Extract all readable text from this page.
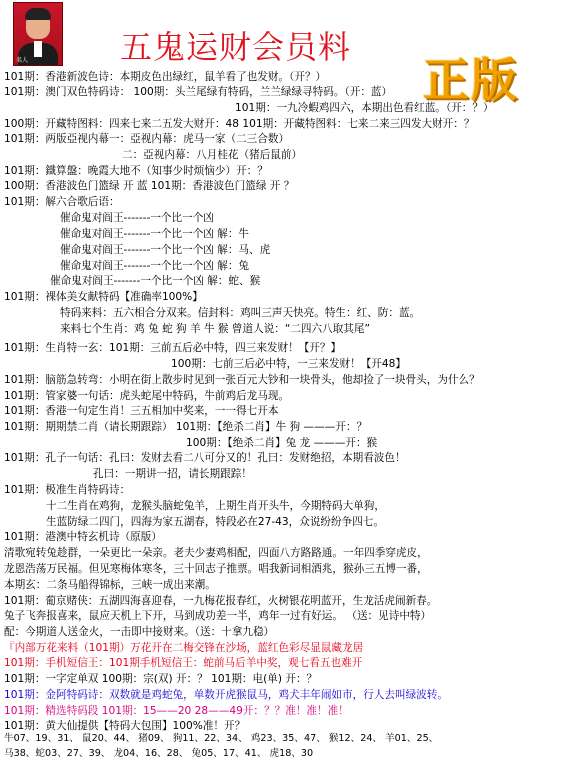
名人	五鬼运财会员料
正版
101期：香港新波色诗：本期皮色出绿红，鼠羊看了也发财。（开？）
101期：澳门双色特码诗： 100期：头兰尾绿有特码，兰兰绿绿寻特码。（开：蓝）
101期：一九冷蝦鸡四六，本期出色看红蓝。（开：？）
100期：开藏特图料：四来七来二五发大财开：48 101期：开藏特图料：七来二来三四发大财开：？
101期：两版亞视内幕一：亞视内幕：虎马一家（二三合数）
二：亞视内幕：八月桂花（猪后鼠前）
101期：鐵算盤：晚霞大地不（知事少时烦恼少）开：？
100期：香港波色门篮绿 开 蓝 101期：香港波色门篮绿 开 ？
101期：解六合歌后语：
催命鬼对阎王-------一个比一个凶
催命鬼对阎王-------一个比一个凶 解：牛
催命鬼对阎王-------一个比一个凶 解：马、虎
催命鬼对阎王-------一个比一个凶 解：兔
催命鬼对阎王-------一个比一个凶 解：蛇、猴
101期：裸体美女献特码【准确率100%】
特码来料：五六相合分双来。信封料：鸡叫三声天快亮。特生：红、防：蓝。
来料七个生肖：鸡 兔 蛇 狗 羊 牛 猴 曾道人说：“二四六八取其尾”
101期：生肖特一玄：101期：三前五后必中特，四三来发财！【开？】
100期：七前三后必中特，一三来发财！【开48】
101期：脑筋急转弯：小明在街上散步时见到一张百元大钞和一块骨头，他却捡了一块骨头，为什么？
101期：管家婆一句话：虎头蛇尾中特码，牛前鸡后龙马现。
101期：香港一句定生肖！三五相加中奖来，一一得七开本
101期：期期禁二肖（请长期跟踪） 101期：【绝杀二肖】牛 狗 ———开：？
100期：【绝杀二肖】兔 龙 ———开：猴
101期：孔子一句话：孔曰：发财去看二八可分又的！孔曰：发财绝招，本期看波色！
孔曰：一期讲一招，请长期跟踪！
101期：极准生肖特码诗：
十二生肖在鸡狗，龙猴头脑蛇兔羊，上期生肖开头牛，今期特码大单狗，
生蓝防绿二四门，四海为家五湖春，特段必在27-43，众说纷纷争四七。
101期：港澳中特玄机诗（原版）
清歌宛转兔趁群，一朵更比一朵亲。老夫少妻鸡相配，四面八方路路通。一年四季穿虎皮，
龙恩浩荡万民福。但见寒梅体寒冬，三十回志子推票。唱我新词相酒兆，猴孙三五博一番，
本期玄：二条马船得锦标，三峡一成出来潮。
101期：葡京赌侠：五湖四海喜迎春，一九梅花报春红，火树银花明蓝开，生龙活虎闹新春。
兔子飞奔报喜来，鼠应天机上下开，马到成功差一半，鸡年一过有好运。 （送：见诗中特）
配：今期道人送金火，一击即中接财来。（送：十拿九稳）
『内部万花来料（101期）万花开在二梅交锋在沙场，蓝红色彩尽显鼠藏龙居
101期：手机短信王：101期手机短信王：蛇前马后羊中奖，观七看五也难开
101期：一字定单双 100期：宗(双) 开：？ 101期：电(单) 开：？
101期：金阿特码诗：双数就是鸡蛇兔，单数开虎猴鼠马，鸡犬丰年闹如市，行人去叫绿波转。
101期：精选特码段 101期：15——20 28——49开：？？准！准！准！
101期：黄大仙提供【特码大包围】100%准！开？
牛07、19、31、 鼠20、44、 猪09、 狗11、22、34、 鸡23、35、47、 猴12、24、 羊01、25、
马38、蛇03、27、39、 龙04、16、28、 兔05、17、41、 虎18、30
